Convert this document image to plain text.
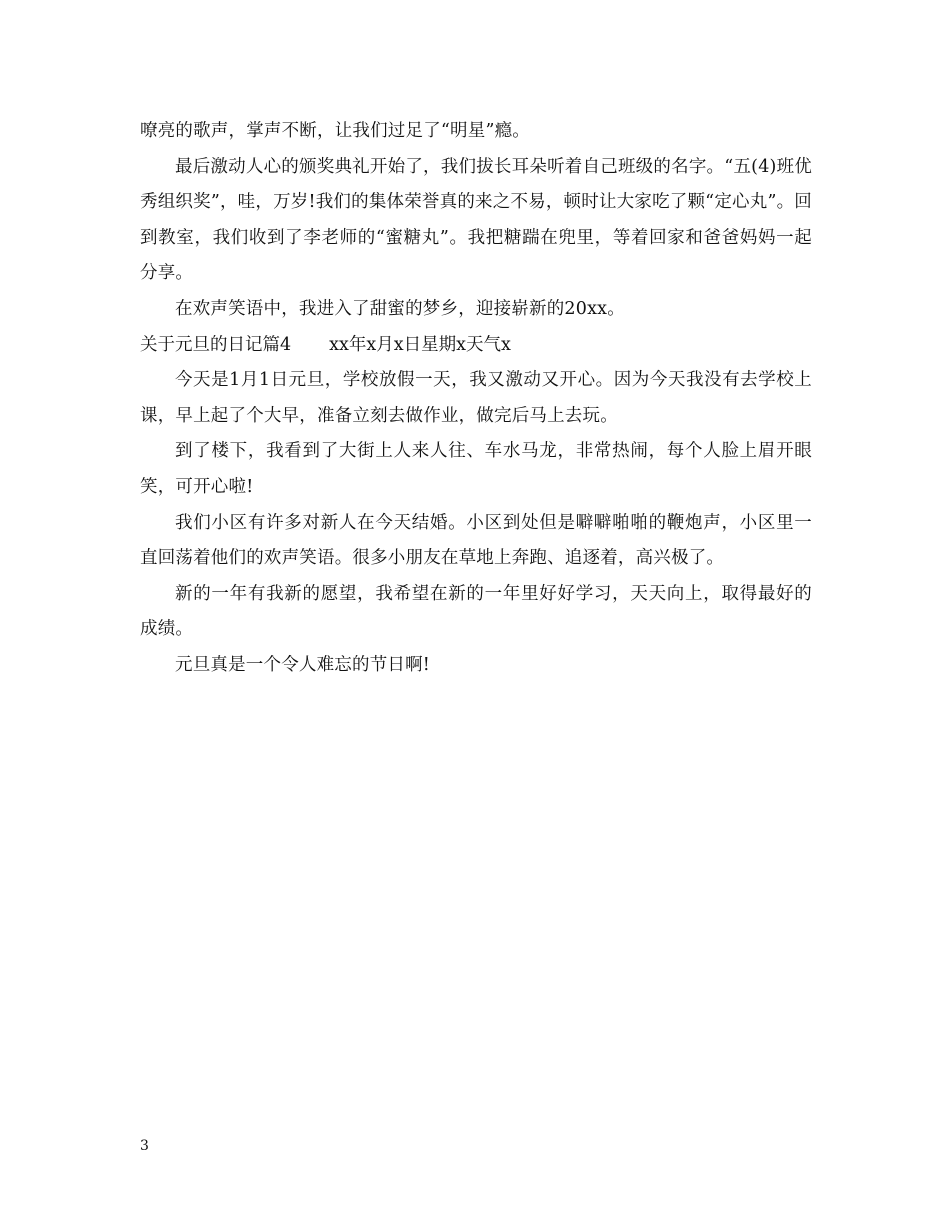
嘹亮的歌声，掌声不断，让我们过足了“明星”瘾。

最后激动人心的颁奖典礼开始了，我们拔长耳朵听着自己班级的名字。“五(4)班优秀组织奖”，哇，万岁!我们的集体荣誉真的来之不易，顿时让大家吃了颗“定心丸”。回到教室，我们收到了李老师的“蜜糖丸”。我把糖踹在兜里，等着回家和爸爸妈妈一起分享。

在欢声笑语中，我进入了甜蜜的梦乡，迎接崭新的20xx。

关于元旦的日记篇4 xx年x月x日星期x天气x

今天是1月1日元旦，学校放假一天，我又激动又开心。因为今天我没有去学校上课，早上起了个大早，准备立刻去做作业，做完后马上去玩。

到了楼下，我看到了大街上人来人往、车水马龙，非常热闹，每个人脸上眉开眼笑，可开心啦!

我们小区有许多对新人在今天结婚。小区到处但是噼噼啪啪的鞭炮声，小区里一直回荡着他们的欢声笑语。很多小朋友在草地上奔跑、追逐着，高兴极了。

新的一年有我新的愿望，我希望在新的一年里好好学习，天天向上，取得最好的成绩。

元旦真是一个令人难忘的节日啊!

3
